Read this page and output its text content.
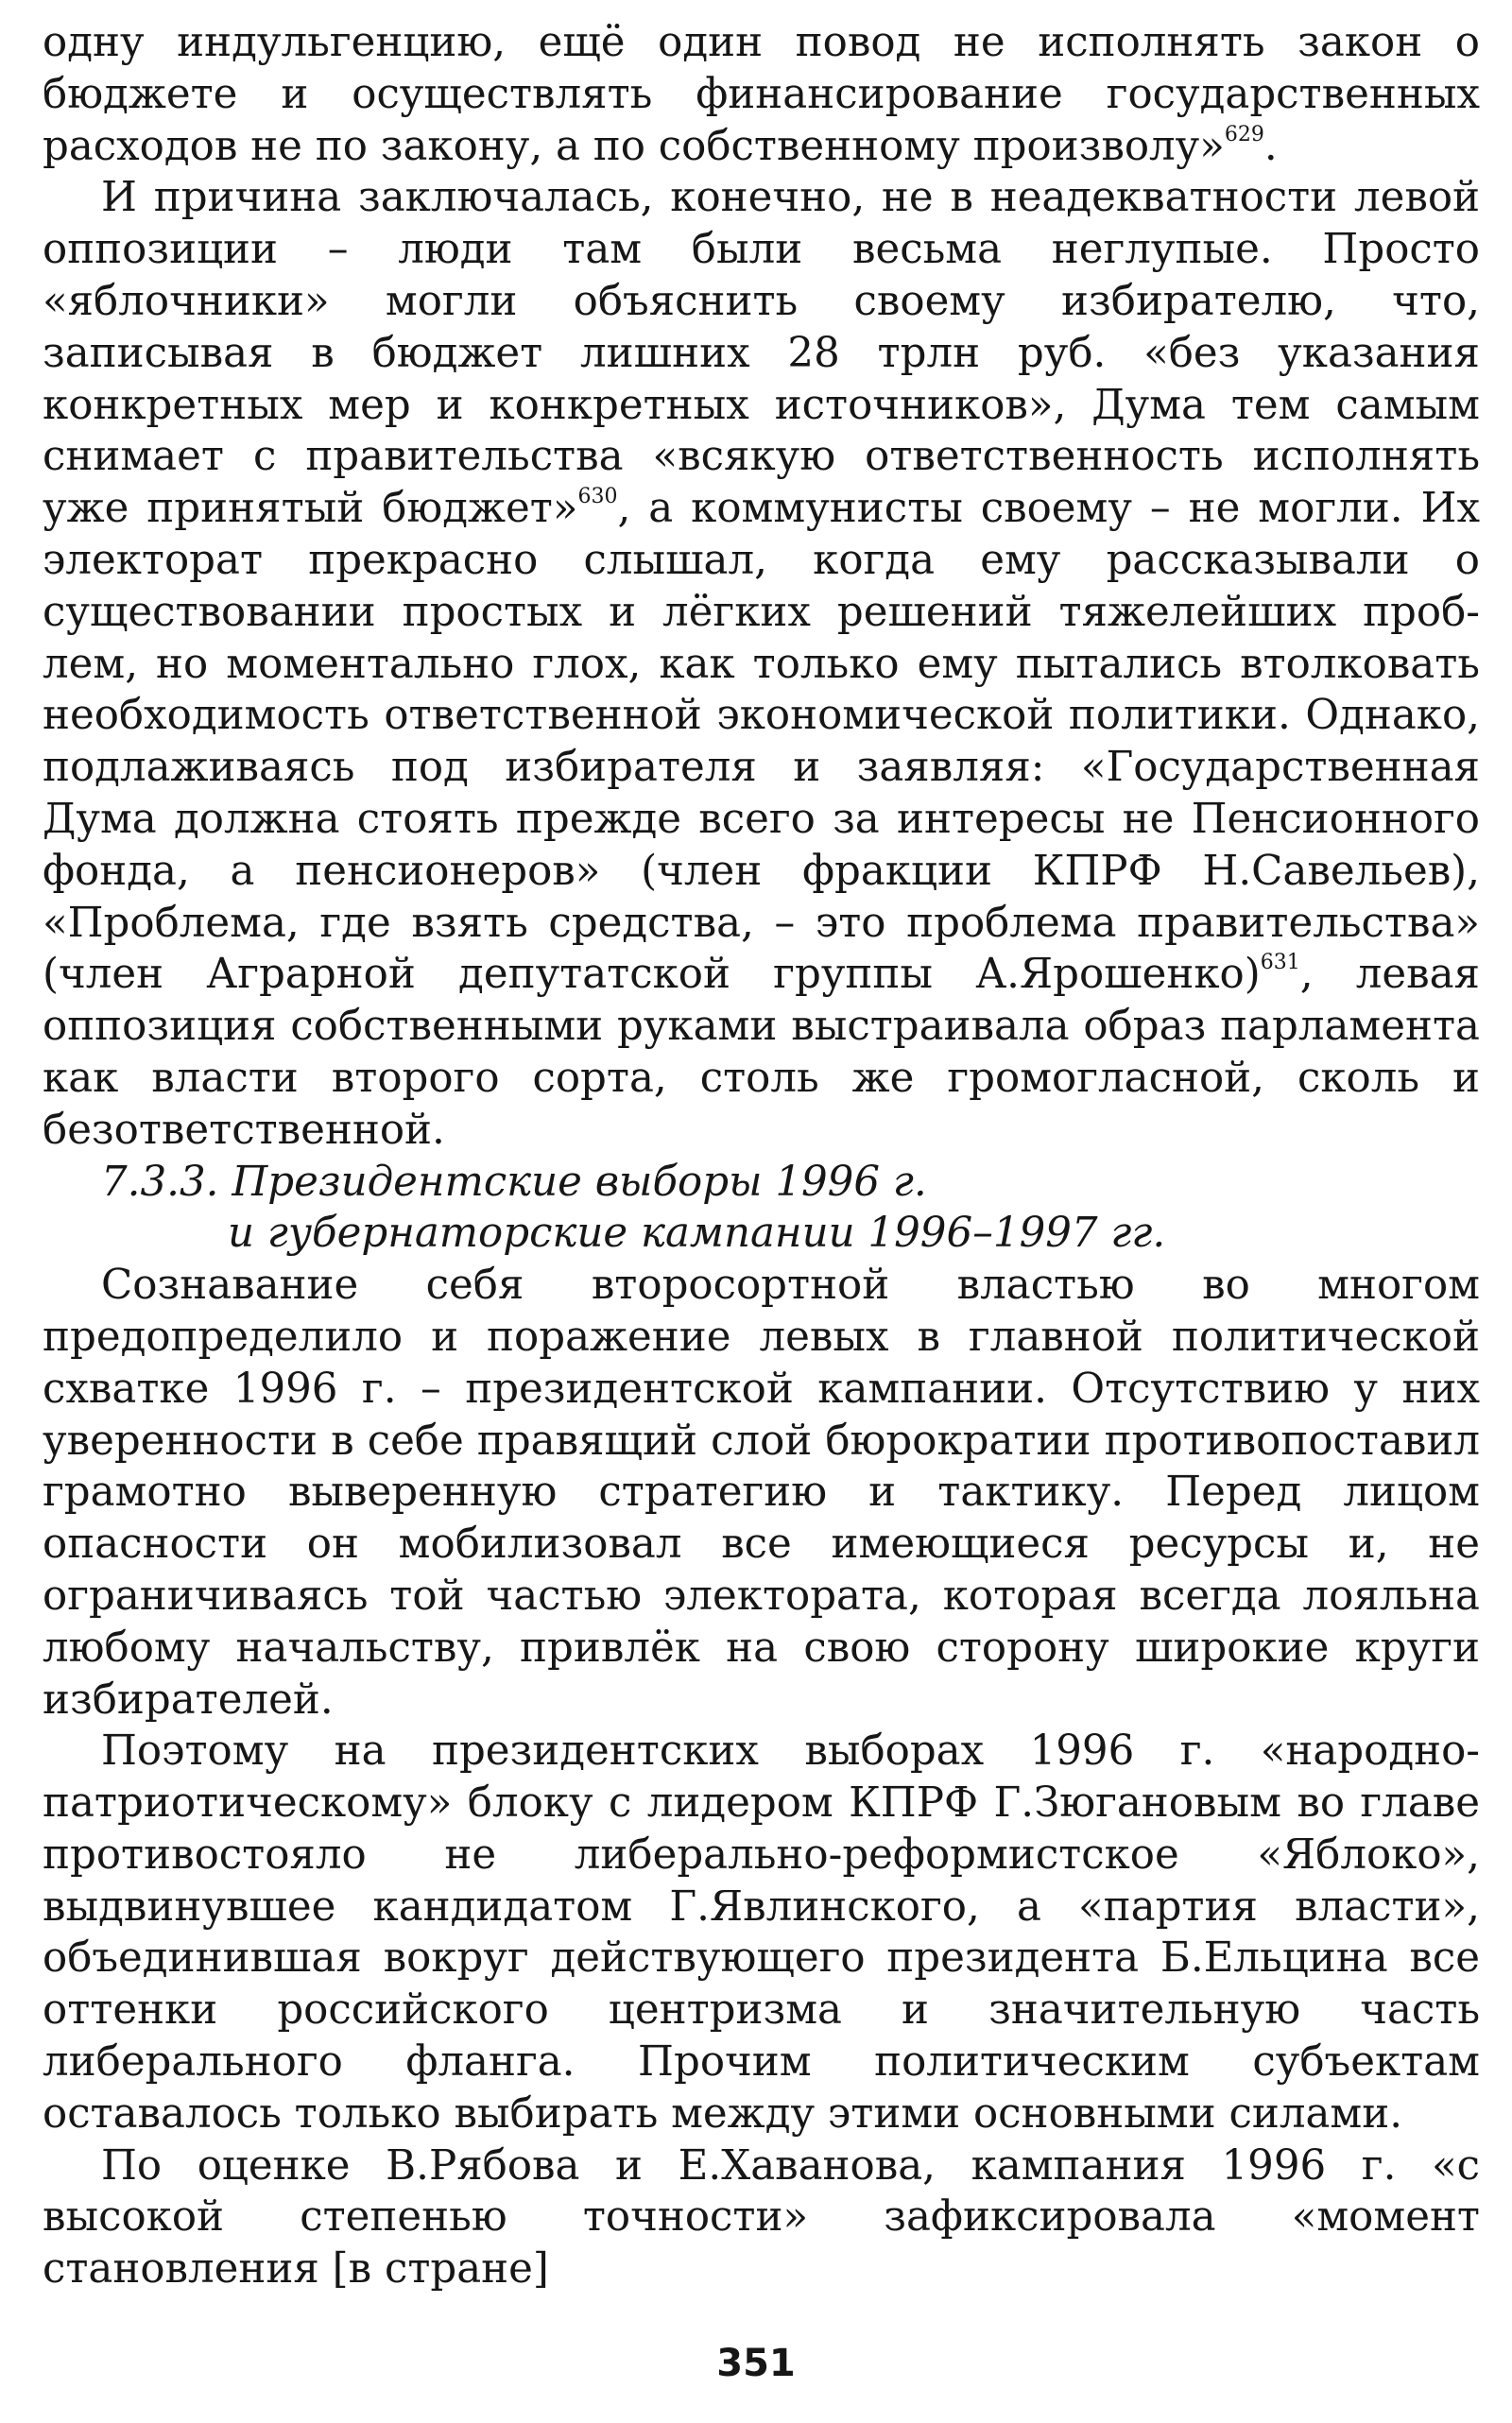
одну индульгенцию, ещё один повод не исполнять закон о бюджете и осуществлять финансирование государственных расходов не по закону, а по собственному произволу»$^{629}$.

И причина заключалась, конечно, не в неадекватности левой оппозиции – люди там были весьма неглупые. Просто «яблочники» могли объяснить своему избирателю, что, записывая в бюджет лишних 28 трлн руб. «без указания конкретных мер и конкретных источников», Дума тем самым снимает с правительства «всякую ответственность исполнять уже принятый бюджет»$^{630}$, а коммунисты своему – не могли. Их электорат прекрасно слышал, когда ему рассказывали о существовании простых и лёгких решений тяжелейших проблем, но моментально глох, как только ему пытались втолковать необходимость ответственной экономической политики. Однако, подлаживаясь под избирателя и заявляя: «Государственная Дума должна стоять прежде всего за интересы не Пенсионного фонда, а пенсионеров» (член фракции КПРФ Н.Савельев), «Проблема, где взять средства, – это проблема правительства» (член Аграрной депутатской группы А.Ярошенко)$^{631}$, левая оппозиция собственными руками выстраивала образ парламента как власти второго сорта, столь же громогласной, сколь и безответственной.

7.3.3. Президентские выборы 1996 г.
и губернаторские кампании 1996–1997 гг.

Сознавание себя второсортной властью во многом предопределило и поражение левых в главной политической схватке 1996 г. – президентской кампании. Отсутствию у них уверенности в себе правящий слой бюрократии противопоставил грамотно выверенную стратегию и тактику. Перед лицом опасности он мобилизовал все имеющиеся ресурсы и, не ограничиваясь той частью электората, которая всегда лояльна любому начальству, привлёк на свою сторону широкие круги избирателей.

Поэтому на президентских выборах 1996 г. «народно-патриотическому» блоку с лидером КПРФ Г.Зюгановым во главе противостояло не либерально-реформистское «Яблоко», выдвинувшее кандидатом Г.Явлинского, а «партия власти», объединившая вокруг действующего президента Б.Ельцина все оттенки российского центризма и значительную часть либерального фланга. Прочим политическим субъектам оставалось только выбирать между этими основными силами.

По оценке В.Рябова и Е.Хаванова, кампания 1996 г. «с высокой степенью точности» зафиксировала «момент становления [в стране]

351
